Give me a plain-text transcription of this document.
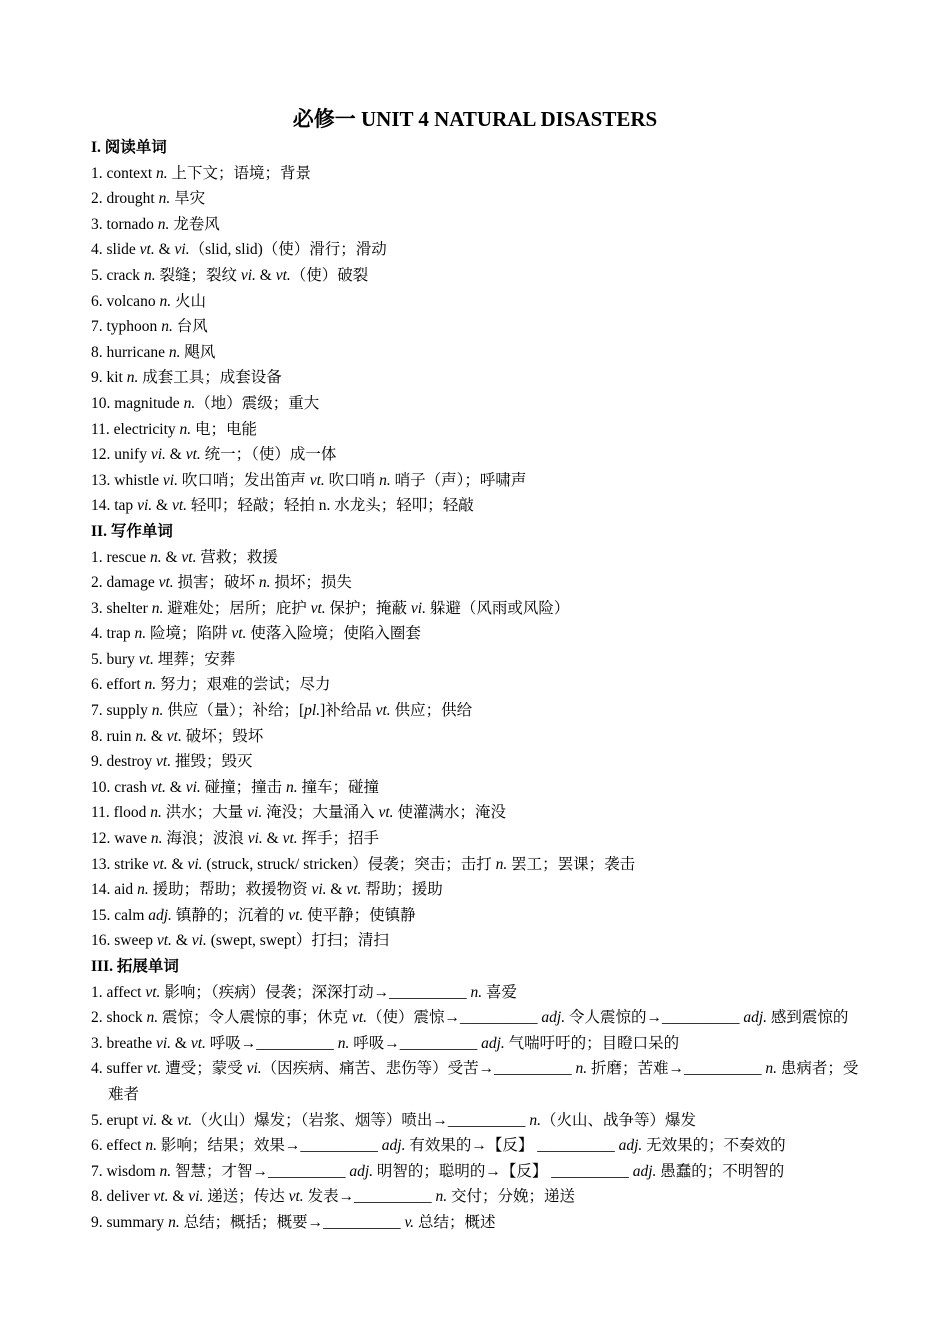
必修一 UNIT 4 NATURAL DISASTERS
I. 阅读单词
1. context n. 上下文；语境；背景
2. drought n. 旱灾
3. tornado n. 龙卷风
4. slide vt. & vi.（slid, slid)（使）滑行；滑动
5. crack n. 裂缝；裂纹 vi. & vt.（使）破裂
6. volcano n. 火山
7. typhoon n. 台风
8. hurricane n. 飓风
9. kit n. 成套工具；成套设备
10. magnitude n.（地）震级；重大
11. electricity n. 电；电能
12. unify vi. & vt. 统一；（使）成一体
13. whistle vi. 吹口哨；发出笛声 vt. 吹口哨 n. 哨子（声）；呼啸声
14. tap vi. & vt. 轻叩；轻敲；轻拍 n. 水龙头；轻叩；轻敲
II. 写作单词
1. rescue n. & vt. 营救；救援
2. damage vt. 损害；破坏 n. 损坏；损失
3. shelter n. 避难处；居所；庇护 vt. 保护；掩蔽 vi. 躲避（风雨或风险）
4. trap n. 险境；陷阱 vt. 使落入险境；使陷入圈套
5. bury vt. 埋葬；安葬
6. effort n. 努力；艰难的尝试；尽力
7. supply n. 供应（量）；补给；[pl.]补给品 vt. 供应；供给
8. ruin n. & vt. 破坏；毁坏
9. destroy vt. 摧毁；毁灭
10. crash vt. & vi. 碰撞；撞击 n. 撞车；碰撞
11. flood n. 洪水；大量 vi. 淹没；大量涌入 vt. 使灌满水；淹没
12. wave n. 海浪；波浪 vi. & vt. 挥手；招手
13. strike vt. & vi. (struck, struck/ stricken）侵袭；突击；击打 n. 罢工；罢课；袭击
14. aid n. 援助；帮助；救援物资 vi. & vt. 帮助；援助
15. calm adj. 镇静的；沉着的 vt. 使平静；使镇静
16. sweep vt. & vi. (swept, swept）打扫；清扫
III. 拓展单词
1. affect vt. 影响；（疾病）侵袭；深深打动→__________ n. 喜爱
2. shock n. 震惊；令人震惊的事；休克 vt.（使）震惊→__________ adj. 令人震惊的→__________ adj. 感到震惊的
3. breathe vi. & vt. 呼吸→__________ n. 呼吸→__________ adj. 气喘吁吁的；目瞪口呆的
4. suffer vt. 遭受；蒙受 vi.（因疾病、痛苦、悲伤等）受苦→__________ n. 折磨；苦难→__________ n. 患病者；受难者
5. erupt vi. & vt.（火山）爆发；（岩浆、烟等）喷出→__________ n.（火山、战争等）爆发
6. effect n. 影响；结果；效果→__________ adj. 有效果的→【反】 __________ adj. 无效果的；不奏效的
7. wisdom n. 智慧；才智→__________ adj. 明智的；聪明的→【反】 __________ adj. 愚蠢的；不明智的
8. deliver vt. & vi. 递送；传达 vt. 发表→__________ n. 交付；分娩；递送
9. summary n. 总结；概括；概要→__________ v. 总结；概述
